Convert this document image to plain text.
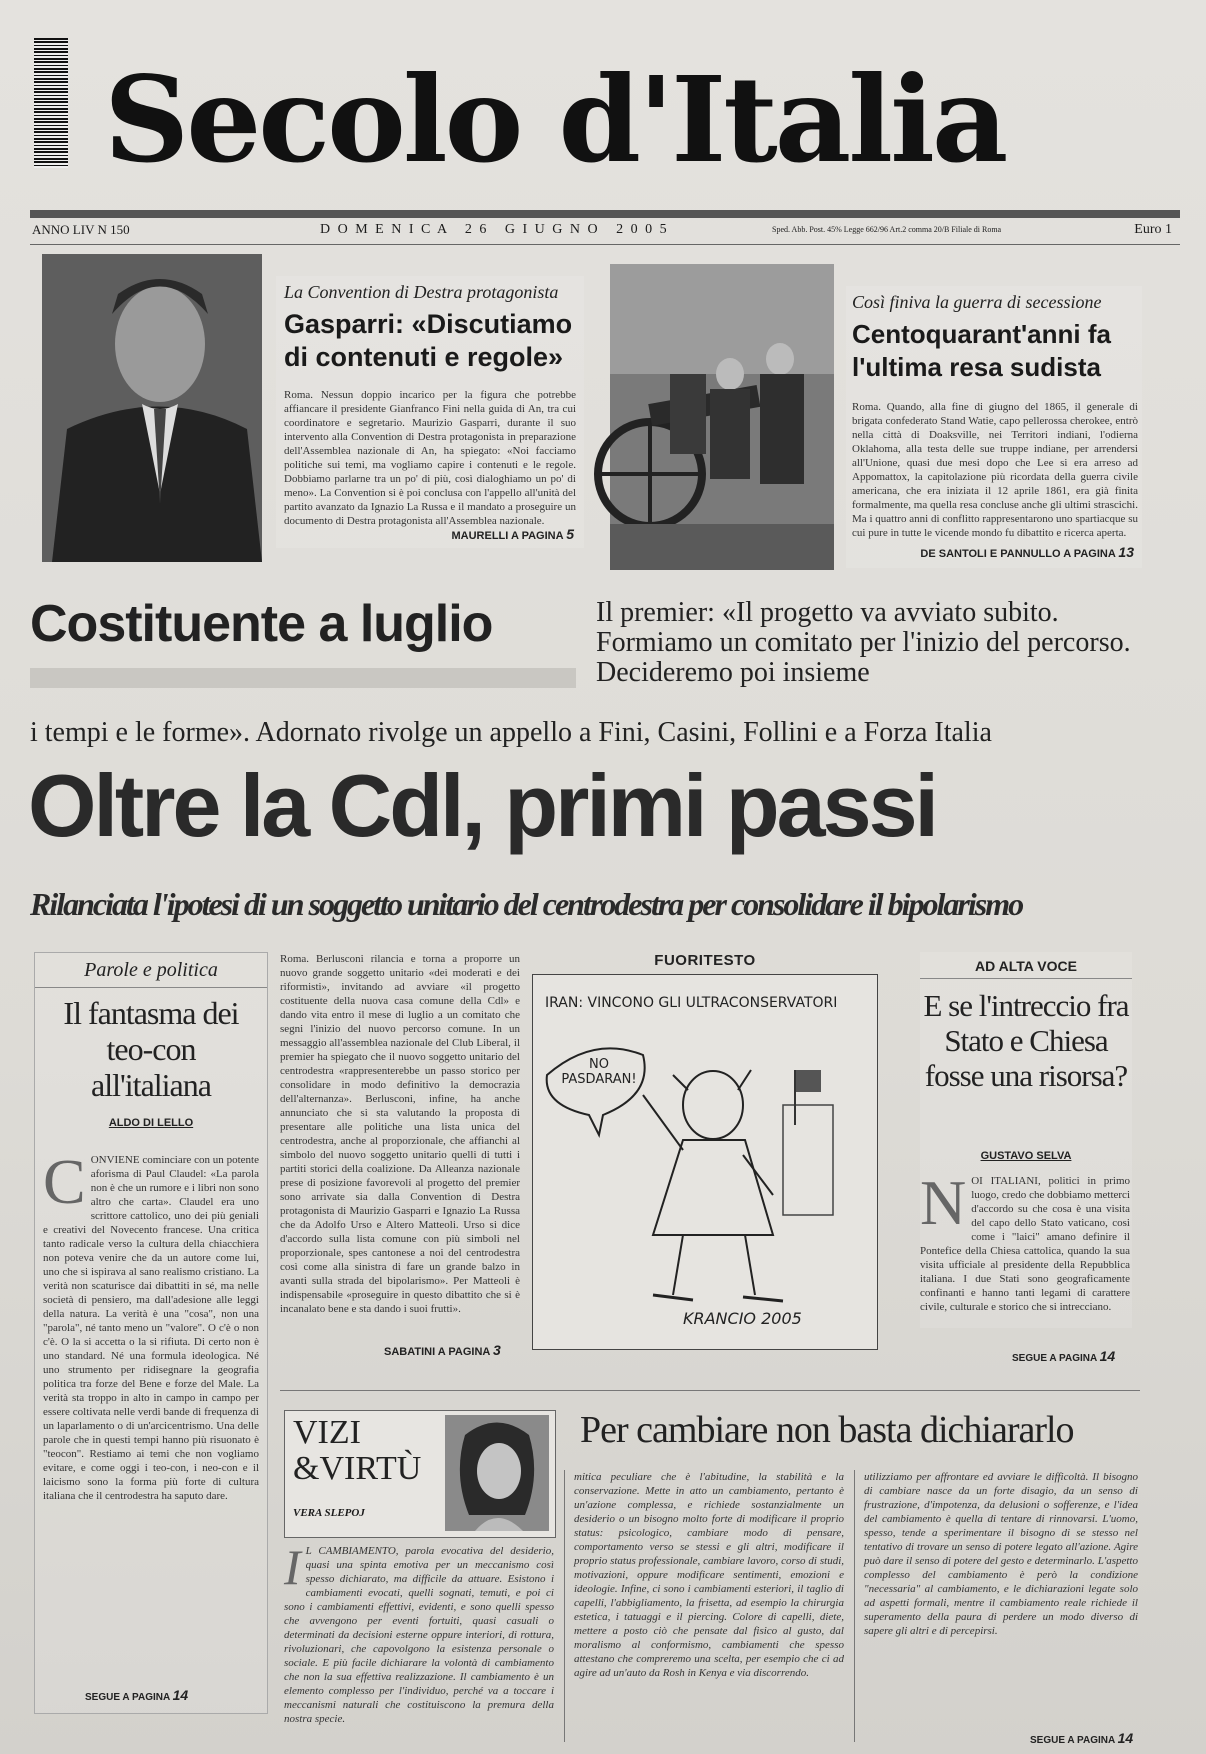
Secolo d'Italia
ANNO LIV N 150	D O M E N I C A   2 6   G I U G N O   2 0 0 5	Sped. Abb. Post. 45% Legge 662/96 Art.2 comma 20/B Filiale di Roma	Euro 1
La Convention di Destra protagonista
Gasparri: «Discutiamo di contenuti e regole»
Roma. Nessun doppio incarico per la figura che potrebbe affiancare il presidente Gianfranco Fini nella guida di An, tra cui coordinatore e segretario. Maurizio Gasparri, durante il suo intervento alla Convention di Destra protagonista in preparazione dell'Assemblea nazionale di An, ha spiegato: «Noi facciamo politiche sui temi, ma vogliamo capire i contenuti e le regole. Dobbiamo parlarne tra un po' di più, così dialoghiamo un po' di meno». La Convention si è poi conclusa con l'appello all'unità del partito avanzato da Ignazio La Russa e il mandato a proseguire un documento di Destra protagonista all'Assemblea nazionale.
MAURELLI A PAGINA 5
Così finiva la guerra di secessione
Centoquarant'anni fa l'ultima resa sudista
Roma. Quando, alla fine di giugno del 1865, il generale di brigata confederato Stand Watie, capo pellerossa cherokee, entrò nella città di Doaksville, nei Territori indiani, l'odierna Oklahoma, alla testa delle sue truppe indiane, per arrendersi all'Unione, quasi due mesi dopo che Lee si era arreso ad Appomattox, la capitolazione più ricordata della guerra civile americana, che era iniziata il 12 aprile 1861, era già finita formalmente, ma quella resa concluse anche gli ultimi strascichi. Ma i quattro anni di conflitto rappresentarono uno spartiacque su cui pure in tutte le vicende mondo fu dibattito e ricerca aperta.
DE SANTOLI E PANNULLO A PAGINA 13
Costituente a luglio	Il premier: «Il progetto va avviato subito. Formiamo un comitato per l'inizio del percorso. Decideremo poi insieme
i tempi e le forme». Adornato rivolge un appello a Fini, Casini, Follini e a Forza Italia
Oltre la Cdl, primi passi
Rilanciata l'ipotesi di un soggetto unitario del centrodestra per consolidare il bipolarismo
Parole e politica
Il fantasma dei teo-con all'italiana
ALDO DI LELLO
CONVIENE cominciare con un potente aforisma di Paul Claudel: «La parola non è che un rumore e i libri non sono altro che carta». Claudel era uno scrittore cattolico, uno dei più geniali e creativi del Novecento francese. Una critica tanto radicale verso la cultura della chiacchiera non poteva venire che da un autore come lui, uno che si ispirava al sano realismo cristiano. La verità non scaturisce dai dibattiti in sé, ma nelle società di pensiero, ma dall'adesione alle leggi della natura. La verità è una "cosa", non una "parola", né tanto meno un "valore". O c'è o non c'è. O la si accetta o la si rifiuta. Di certo non è uno standard. Né una formula ideologica. Né uno strumento per ridisegnare la geografia politica tra forze del Bene e forze del Male. La verità sta troppo in alto in campo in campo per essere coltivata nelle verdi bande di frequenza di un laparlamento o di un'arcicentrismo. Una delle parole che in questi tempi hanno più risuonato è "teocon". Restiamo ai temi che non vogliamo evitare, e come oggi i teo-con, i neo-con e il laicismo sono la forma più forte di cultura italiana che il centrodestra ha saputo dare.
SEGUE A PAGINA 14
Roma. Berlusconi rilancia e torna a proporre un nuovo grande soggetto unitario «dei moderati e dei riformisti», invitando ad avviare «il progetto costituente della nuova casa comune della Cdl» e dando vita entro il mese di luglio a un comitato che segni l'inizio del nuovo percorso comune. In un messaggio all'assemblea nazionale del Club Liberal, il premier ha spiegato che il nuovo soggetto unitario del centrodestra «rappresenterebbe un passo storico per consolidare in modo definitivo la democrazia dell'alternanza». Berlusconi, infine, ha anche annunciato che si sta valutando la proposta di presentare alle politiche una lista unica del centrodestra, anche al proporzionale, che affianchi al simbolo del nuovo soggetto unitario quelli di tutti i partiti storici della coalizione. Da Alleanza nazionale prese di posizione favorevoli al progetto del premier sono arrivate sia dalla Convention di Destra protagonista di Maurizio Gasparri e Ignazio La Russa che da Adolfo Urso e Altero Matteoli. Urso si dice d'accordo sulla lista comune con più simboli nel proporzionale, spes cantonese a noi del centrodestra così come alla sinistra di fare un grande balzo in avanti sulla strada del bipolarismo». Per Matteoli è indispensabile «proseguire in questo dibattito che si è incanalato bene e sta dando i suoi frutti».
SABATINI A PAGINA 3
FUORITESTO
IRAN: VINCONO GLI ULTRACONSERVATORI
NO PASDARAN!
KRANCIO 2005
AD ALTA VOCE
E se l'intreccio fra Stato e Chiesa fosse una risorsa?
GUSTAVO SELVA
NOI ITALIANI, politici in primo luogo, credo che dobbiamo metterci d'accordo su che cosa è una visita del capo dello Stato vaticano, cosi come i "laici" amano definire il Pontefice della Chiesa cattolica, quando la sua visita ufficiale al presidente della Repubblica italiana. I due Stati sono geograficamente confinanti e hanno tanti legami di carattere civile, culturale e storico che si intrecciano.
SEGUE A PAGINA 14
VIZI
&VIRTÙ
VERA SLEPOJ
Per cambiare non basta dichiararlo
I L CAMBIAMENTO, parola evocativa del desiderio, quasi una spinta emotiva per un meccanismo così spesso dichiarato, ma difficile da attuare. Esistono i cambiamenti evocati, quelli sognati, temuti, e poi ci sono i cambiamenti effettivi, evidenti, e sono quelli spesso che avvengono per eventi fortuiti, quasi casuali o determinati da decisioni esterne oppure interiori, di rottura, rivoluzionari, che capovolgono la esistenza personale o sociale. E più facile dichiarare la volontà di cambiamento che non la sua effettiva realizzazione. Il cambiamento è un elemento complesso per l'individuo, perché va a toccare i meccanismi naturali che costituiscono la premura della nostra specie.
mitica peculiare che è l'abitudine, la stabilità e la conservazione. Mette in atto un cambiamento, pertanto è un'azione complessa, e richiede sostanzialmente un desiderio o un bisogno molto forte di modificare il proprio status: psicologico, cambiare modo di pensare, comportamento verso se stessi e gli altri, modificare il proprio status professionale, cambiare lavoro, corso di studi, motivazioni, oppure modificare sentimenti, emozioni e ideologie. Infine, ci sono i cambiamenti esteriori, il taglio di capelli, l'abbigliamento, la frisetta, ad esempio la chirurgia estetica, i tatuaggi e il piercing. Colore di capelli, diete, mettere a posto ciò che pensate dal fisico al gusto, dal moralismo al conformismo, cambiamenti che spesso attestano che compreremo una scelta, per esempio che ci ad agire ad un'auto da Rosh in Kenya e via discorrendo.
utilizziamo per affrontare ed avviare le difficoltà. Il bisogno di cambiare nasce da un forte disagio, da un senso di frustrazione, d'impotenza, da delusioni o sofferenze, e l'idea del cambiamento è quella di tentare di rinnovarsi. L'uomo, spesso, tende a sperimentare il bisogno di se stesso nel tentativo di trovare un senso di potere legato all'azione. Agire può dare il senso di potere del gesto e determinarlo. L'aspetto complesso del cambiamento è però la condizione "necessaria" al cambiamento, e le dichiarazioni legate solo ad aspetti formali, mentre il cambiamento reale richiede il superamento della paura di perdere un modo diverso di sapere gli altri e di percepirsi.
SEGUE A PAGINA 14
